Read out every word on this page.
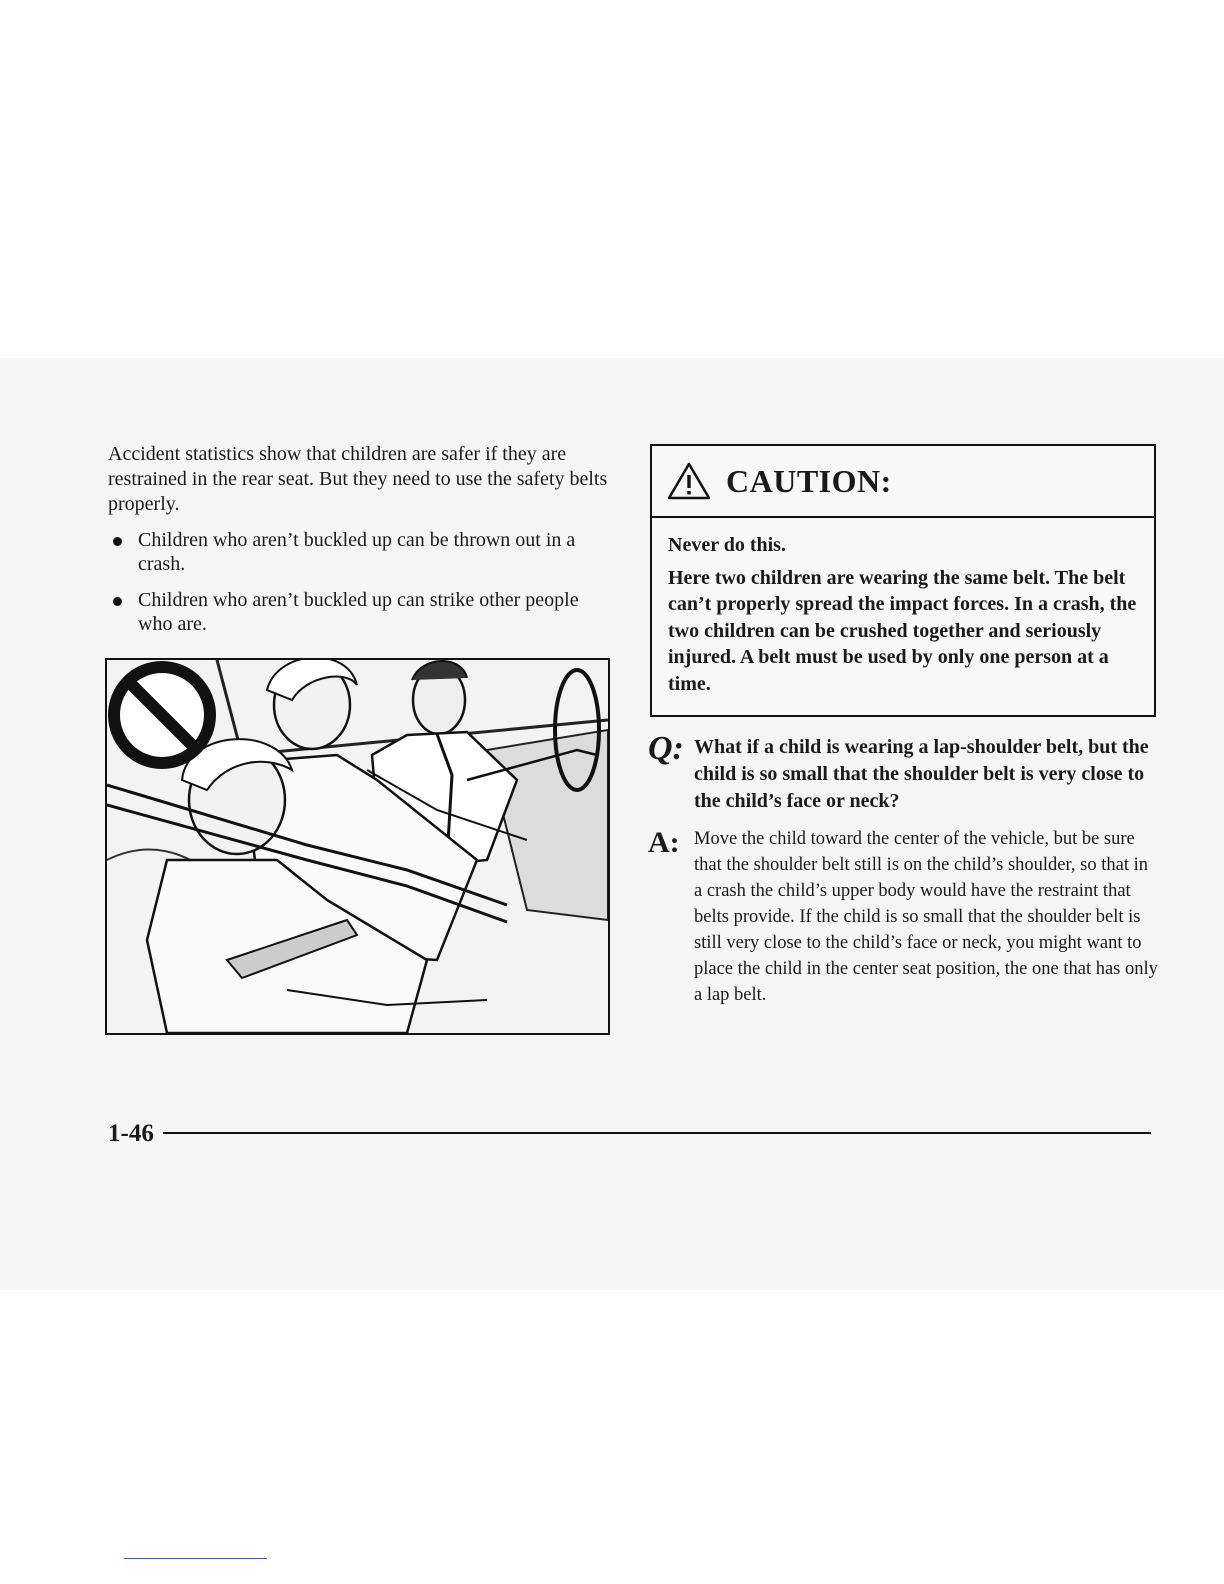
Accident statistics show that children are safer if they are restrained in the rear seat. But they need to use the safety belts properly.
Children who aren’t buckled up can be thrown out in a crash.
Children who aren’t buckled up can strike other people who are.
CAUTION:

Never do this.

Here two children are wearing the same belt. The belt can’t properly spread the impact forces. In a crash, the two children can be crushed together and seriously injured. A belt must be used by only one person at a time.

Q: What if a child is wearing a lap-shoulder belt, but the child is so small that the shoulder belt is very close to the child’s face or neck?
A: Move the child toward the center of the vehicle, but be sure that the shoulder belt still is on the child’s shoulder, so that in a crash the child’s upper body would have the restraint that belts provide. If the child is so small that the shoulder belt is still very close to the child’s face or neck, you might want to place the child in the center seat position, the one that has only a lap belt.
1-46
